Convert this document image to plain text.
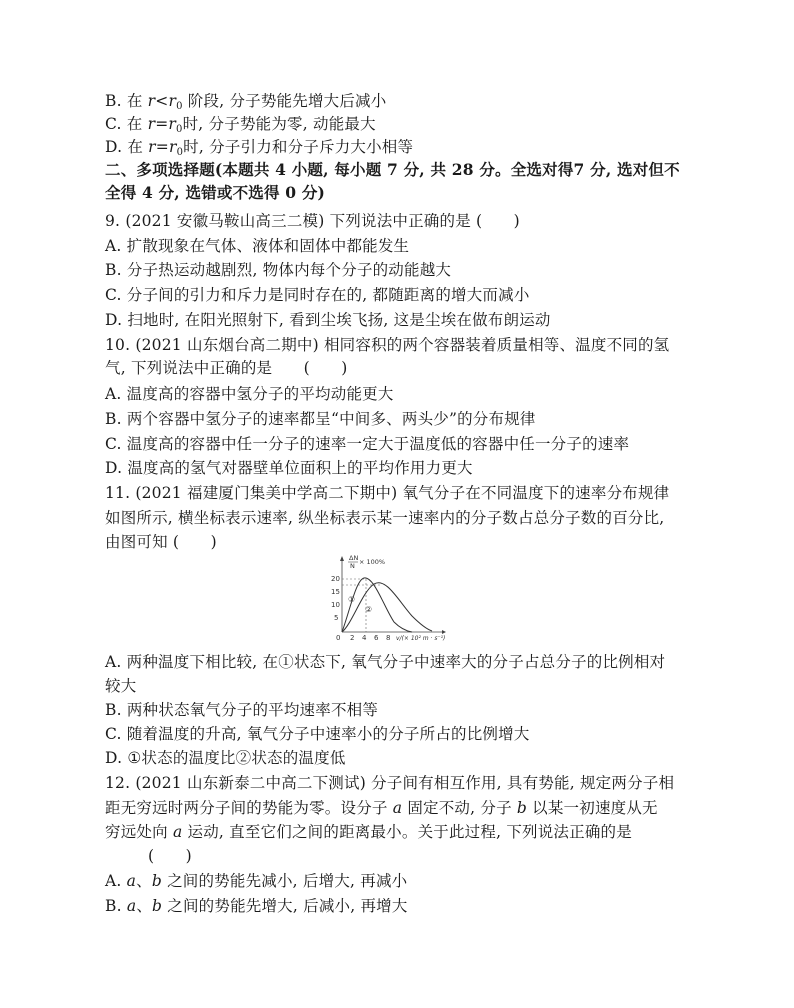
B. 在 $r<r_0$ 阶段, 分子势能先增大后减小
C. 在 $r=r_0$时, 分子势能为零, 动能最大
D. 在 $r=r_0$时, 分子引力和分子斥力大小相等
二、多项选择题(本题共 4 小题, 每小题 7 分, 共 28 分。全选对得7 分, 选对但不
全得 4 分, 选错或不选得 0 分)
9. (2021 安徽马鞍山高三二模) 下列说法中正确的是 (　　)
A. 扩散现象在气体、液体和固体中都能发生
B. 分子热运动越剧烈, 物体内每个分子的动能越大
C. 分子间的引力和斥力是同时存在的, 都随距离的增大而减小
D. 扫地时, 在阳光照射下, 看到尘埃飞扬, 这是尘埃在做布朗运动
10. (2021 山东烟台高二期中) 相同容积的两个容器装着质量相等、温度不同的氢
气, 下列说法中正确的是　　(　　)
A. 温度高的容器中氢分子的平均动能更大
B. 两个容器中氢分子的速率都呈“中间多、两头少”的分布规律
C. 温度高的容器中任一分子的速率一定大于温度低的容器中任一分子的速率
D. 温度高的氢气对器壁单位面积上的平均作用力更大
11. (2021 福建厦门集美中学高二下期中) 氧气分子在不同温度下的速率分布规律
如图所示, 横坐标表示速率, 纵坐标表示某一速率内的分子数占总分子数的百分比,
由图可知 (　　)
ΔN
N × 100%
20
15
10
5
0 2 4 6 8 v/(× 10² m · s⁻¹)
①
②
A. 两种温度下相比较, 在①状态下, 氧气分子中速率大的分子占总分子的比例相对
较大
B. 两种状态氧气分子的平均速率不相等
C. 随着温度的升高, 氧气分子中速率小的分子所占的比例增大
D. ①状态的温度比②状态的温度低
12. (2021 山东新泰二中高二下测试) 分子间有相互作用, 具有势能, 规定两分子相
距无穷远时两分子间的势能为零。设分子 a 固定不动, 分子 b 以某一初速度从无
穷远处向 a 运动, 直至它们之间的距离最小。关于此过程, 下列说法正确的是
(　　)
A. a、b 之间的势能先减小, 后增大, 再减小
B. a、b 之间的势能先增大, 后减小, 再增大
